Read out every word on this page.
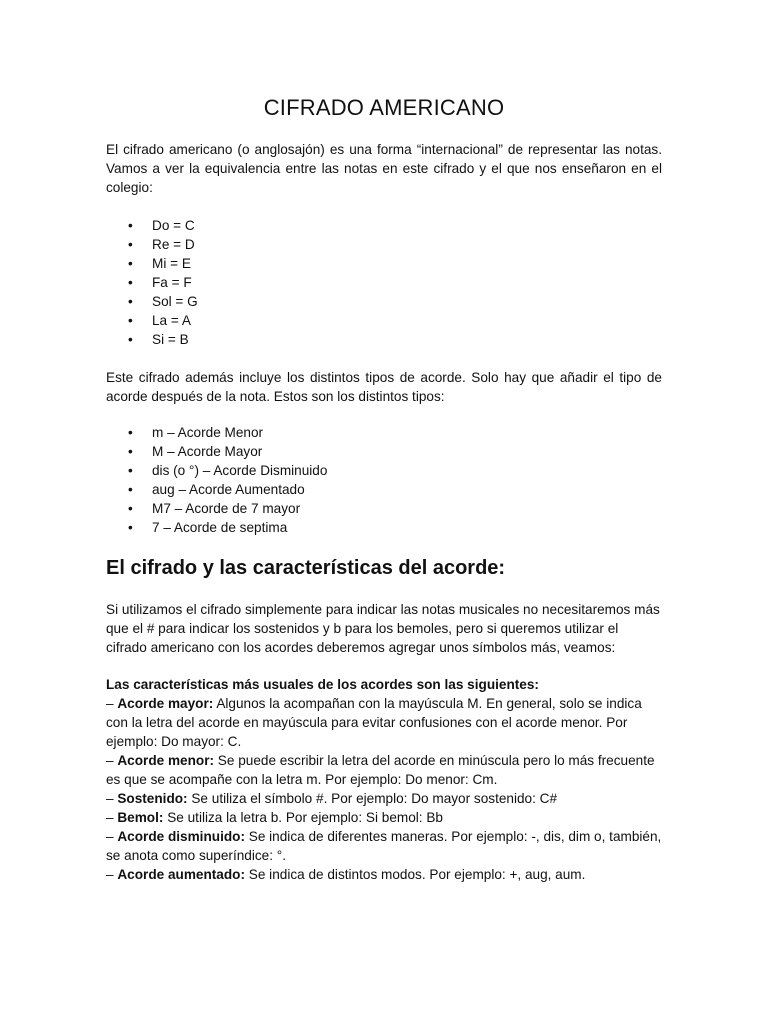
CIFRADO AMERICANO

El cifrado americano (o anglosajón) es una forma “internacional” de representar las notas. Vamos a ver la equivalencia entre las notas en este cifrado y el que nos enseñaron en el colegio:

• Do = C
• Re = D
• Mi = E
• Fa = F
• Sol = G
• La = A
• Si = B

Este cifrado además incluye los distintos tipos de acorde. Solo hay que añadir el tipo de acorde después de la nota. Estos son los distintos tipos:

• m – Acorde Menor
• M – Acorde Mayor
• dis (o °) – Acorde Disminuido
• aug – Acorde Aumentado
• M7 – Acorde de 7 mayor
• 7 – Acorde de septima
El cifrado y las características del acorde:

Si utilizamos el cifrado simplemente para indicar las notas musicales no necesitaremos más que el # para indicar los sostenidos y b para los bemoles, pero si queremos utilizar el cifrado americano con los acordes deberemos agregar unos símbolos más, veamos:

Las características más usuales de los acordes son las siguientes:
– Acorde mayor: Algunos la acompañan con la mayúscula M. En general, solo se indica con la letra del acorde en mayúscula para evitar confusiones con el acorde menor. Por ejemplo: Do mayor: C.
– Acorde menor: Se puede escribir la letra del acorde en minúscula pero lo más frecuente es que se acompañe con la letra m. Por ejemplo: Do menor: Cm.
– Sostenido: Se utiliza el símbolo #. Por ejemplo: Do mayor sostenido: C#
– Bemol: Se utiliza la letra b. Por ejemplo: Si bemol: Bb
– Acorde disminuido: Se indica de diferentes maneras. Por ejemplo: -, dis, dim o, también, se anota como superíndice: °.
– Acorde aumentado: Se indica de distintos modos. Por ejemplo: +, aug, aum.
